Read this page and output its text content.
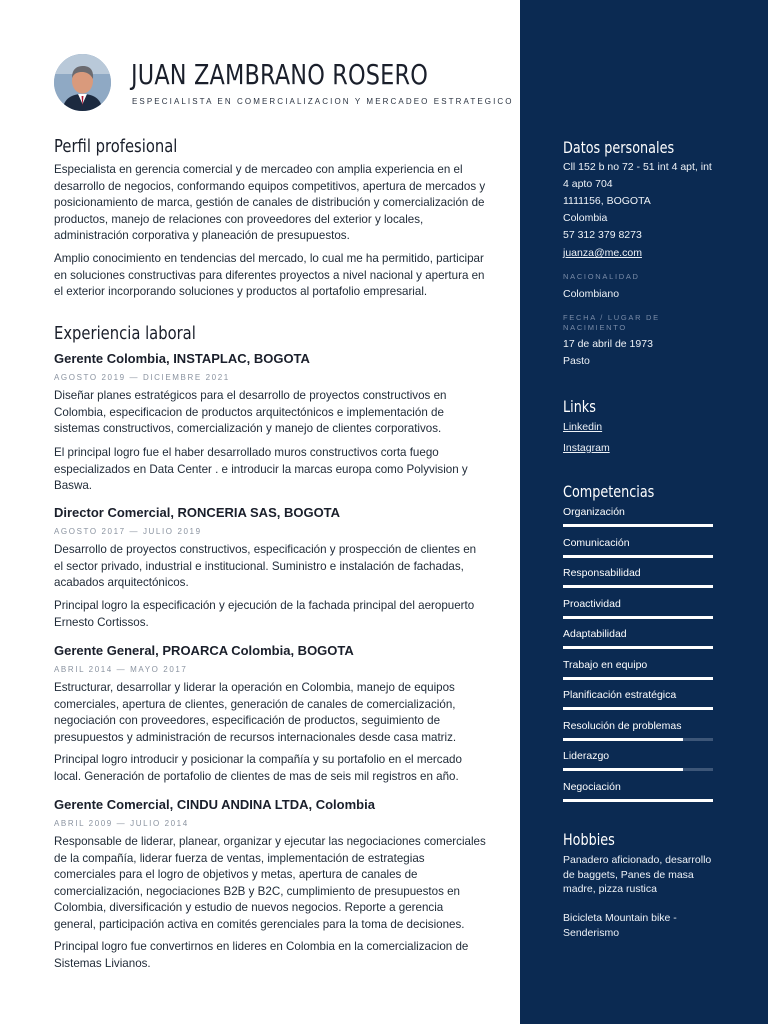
JUAN ZAMBRANO ROSERO
ESPECIALISTA EN COMERCIALIZACION Y MERCADEO ESTRATEGICO
Perfil profesional

Especialista en gerencia comercial y de mercadeo con amplia experiencia en el desarrollo de negocios, conformando equipos competitivos, apertura de mercados y posicionamiento de marca, gestión de canales de distribución y comercialización de productos, manejo de relaciones con proveedores del exterior y locales, administración corporativa y planeación de presupuestos.

Amplio conocimiento en tendencias del mercado, lo cual me ha permitido, participar en soluciones constructivas para diferentes proyectos a nivel nacional y apertura en el exterior incorporando soluciones y productos al portafolio empresarial.

Experiencia laboral
Gerente Colombia, INSTAPLAC, BOGOTA
AGOSTO 2019 — DICIEMBRE 2021

Diseñar planes estratégicos para el desarrollo de proyectos constructivos en Colombia, especificacion de productos arquitectónicos e implementación de sistemas constructivos, comercialización y manejo de clientes corporativos.

El principal logro fue el haber desarrollado muros constructivos corta fuego especializados en Data Center . e introducir la marcas europa como Polyvision y Baswa.

Director Comercial, RONCERIA SAS, BOGOTA
AGOSTO 2017 — JULIO 2019

Desarrollo de proyectos constructivos, especificación y prospección de clientes en el sector privado, industrial e institucional. Suministro e instalación de fachadas, acabados arquitectónicos.

Principal logro la especificación y ejecución de la fachada principal del aeropuerto Ernesto Cortissos.

Gerente General, PROARCA Colombia, BOGOTA
ABRIL 2014 — MAYO 2017

Estructurar, desarrollar y liderar la operación en Colombia, manejo de equipos comerciales, apertura de clientes, generación de canales de comercialización, negociación con proveedores, especificación de productos, seguimiento de presupuestos y administración de recursos internacionales desde casa matriz.

Principal logro introducir y posicionar la compañía y su portafolio en el mercado local. Generación de portafolio de clientes de mas de seis mil registros en año.

Gerente Comercial, CINDU ANDINA LTDA, Colombia
ABRIL 2009 — JULIO 2014

Responsable de liderar, planear, organizar y ejecutar las negociaciones comerciales de la compañía, liderar fuerza de ventas, implementación de estrategias comerciales para el logro de objetivos y metas, apertura de canales de comercialización, negociaciones B2B y B2C, cumplimiento de presupuestos en Colombia, diversificación y estudio de nuevos negocios. Reporte a gerencia general, participación activa en comités gerenciales para la toma de decisiones.

Principal logro fue convertirnos en lideres en Colombia en la comercializacion de Sistemas Livianos.

Datos personales
Cll 152 b no 72 - 51 int 4 apt, int
4 apto 704
1111156, BOGOTA
Colombia
57 312 379 8273
juanza@me.com
NACIONALIDAD
Colombiano
FECHA / LUGAR DE
NACIMIENTO
17 de abril de 1973
Pasto
Links
Linkedin
Instagram
Competencias
Organización
Comunicación
Responsabilidad
Proactividad
Adaptabilidad
Trabajo en equipo
Planificación estratégica
Resolución de problemas
Liderazgo
Negociación
Hobbies
Panadero aficionado, desarrollo de baggets, Panes de masa madre, pizza rustica
Bicicleta Mountain bike - Senderismo
